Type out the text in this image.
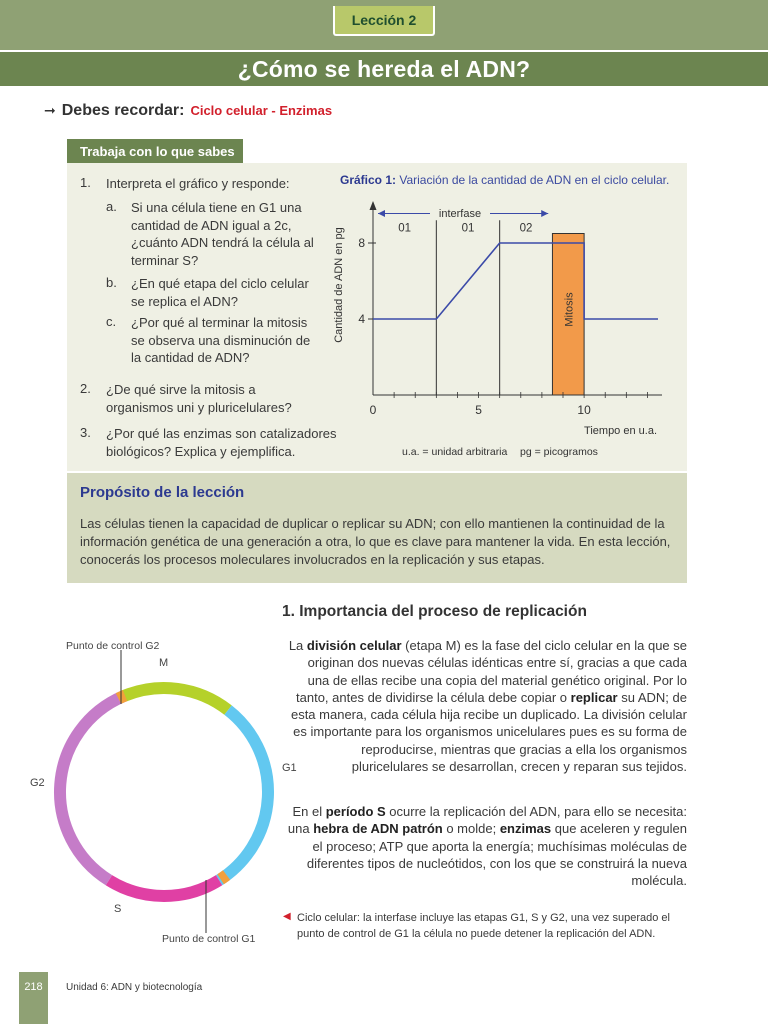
Lección 2
¿Cómo se hereda el ADN?
➞ Debes recordar: Ciclo celular - Enzimas
Trabaja con lo que sabes
1. Interpreta el gráfico y responde:
a. Si una célula tiene en G1 una cantidad de ADN igual a 2c, ¿cuánto ADN tendrá la célula al terminar S?
b. ¿En qué etapa del ciclo celular se replica el ADN?
c. ¿Por qué al terminar la mitosis se observa una disminución de la cantidad de ADN?
2. ¿De qué sirve la mitosis a organismos uni y pluricelulares?
3. ¿Por qué las enzimas son catalizadores biológicos? Explica y ejemplifica.
Gráfico 1: Variación de la cantidad de ADN en el ciclo celular.
Mitosis
4
8
0	5	10
interfase
01	01	02
Cantidad de ADN en pg
Tiempo en u.a.
u.a. = unidad arbitraria pg = picogramos
Propósito de la lección
Las células tienen la capacidad de duplicar o replicar su ADN; con ello mantienen la continuidad de la información genética de una generación a otra, lo que es clave para mantener la vida. En esta lección, conocerás los procesos moleculares involucrados en la replicación y sus etapas.
1. Importancia del proceso de replicación
La división celular (etapa M) es la fase del ciclo celular en la que se originan dos nuevas células idénticas entre sí, gracias a que cada una de ellas recibe una copia del material genético original. Por lo tanto, antes de dividirse la célula debe copiar o replicar su ADN; de esta manera, cada célula hija recibe un duplicado. La división celular es importante para los organismos unicelulares pues es su forma de reproducirse, mientras que gracias a ella los organismos pluricelulares se desarrollan, crecen y reparan sus tejidos.
En el período S ocurre la replicación del ADN, para ello se necesita: una hebra de ADN patrón o molde; enzimas que aceleren y regulen el proceso; ATP que aporta la energía; muchísimas moléculas de diferentes tipos de nucleótidos, con los que se construirá la nueva molécula.
Punto de control G2
M
G1
G2
S
Punto de control G1
◀ Ciclo celular: la interfase incluye las etapas G1, S y G2, una vez superado el punto de control de G1 la célula no puede detener la replicación del ADN.
218	Unidad 6: ADN y biotecnología
